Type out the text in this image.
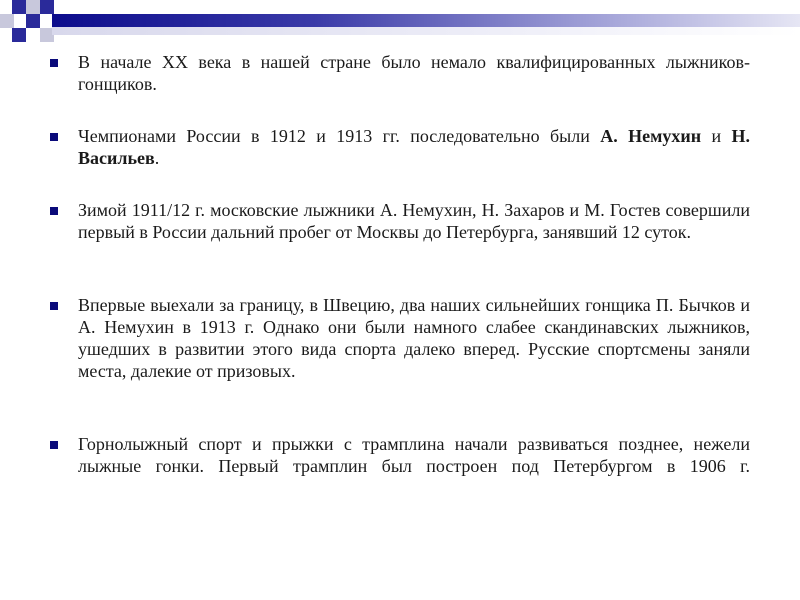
В начале ХХ века в нашей стране было немало квалифицированных лыжников-гонщиков.

Чемпионами России в 1912 и 1913 гг. последовательно были А. Немухин и Н. Васильев.

Зимой 1911/12 г. московские лыжники А. Немухин, Н. Захаров и М. Гостев совершили первый в России дальний пробег от Москвы до Петербурга, занявший 12 суток.

Впервые выехали за границу, в Швецию, два наших сильнейших гонщика П. Бычков и А. Немухин в 1913 г. Однако они были намного слабее скандинавских лыжников, ушедших в развитии этого вида спорта далеко вперед. Русские спортсмены заняли места, далекие от призовых.

Горнолыжный спорт и прыжки с трамплина начали развиваться позднее, нежели лыжные гонки. Первый трамплин был построен под Петербургом в 1906 г.
